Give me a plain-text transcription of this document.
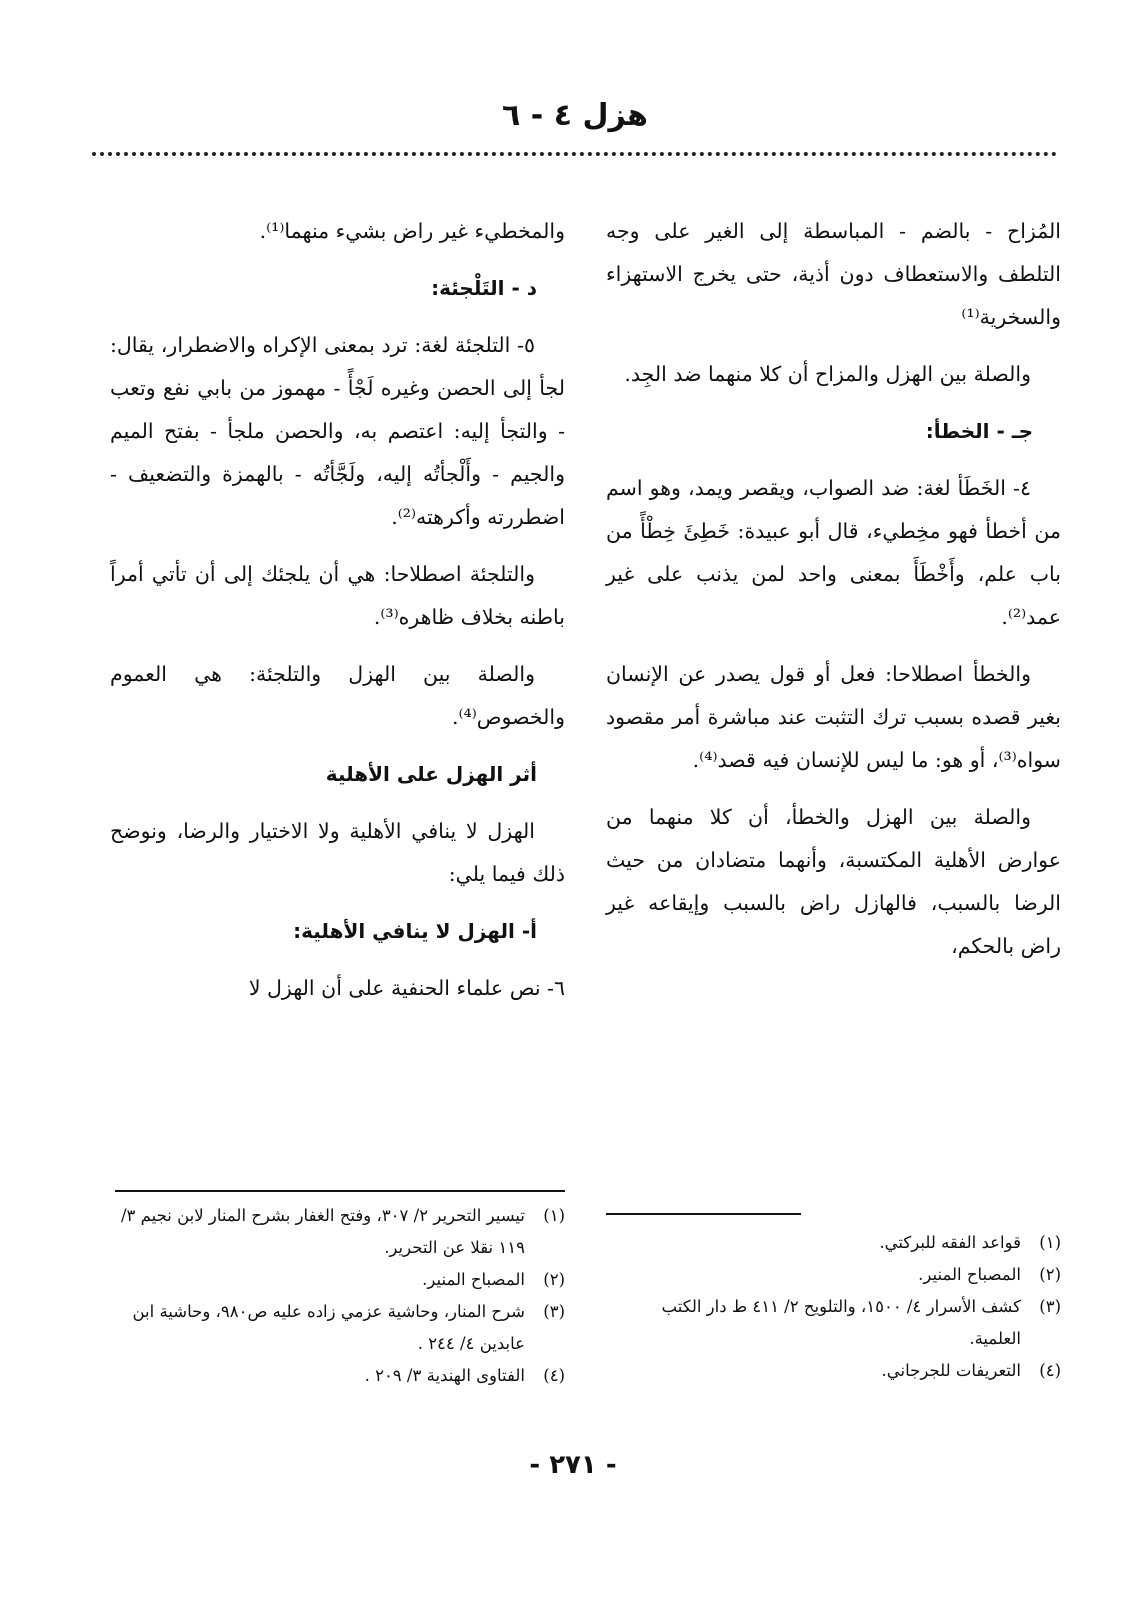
هزل ٤ - ٦

المُزاح - بالضم - المباسطة إلى الغير على وجه التلطف والاستعطاف دون أذية، حتى يخرج الاستهزاء والسخرية⁽¹⁾

والصلة بين الهزل والمزاح أن كلا منهما ضد الجِد.

جـ - الخطأ:

٤- الخَطَأ لغة: ضد الصواب، ويقصر ويمد، وهو اسم من أخطأ فهو مخِطيء، قال أبو عبيدة: خَطِئَ خِطْأً من باب علم، وأَخْطَأَ بمعنى واحد لمن يذنب على غير عمد⁽²⁾.

والخطأ اصطلاحا: فعل أو قول يصدر عن الإنسان بغير قصده بسبب ترك التثبت عند مباشرة أمر مقصود سواه⁽³⁾، أو هو: ما ليس للإنسان فيه قصد⁽⁴⁾.

والصلة بين الهزل والخطأ، أن كلا منهما من عوارض الأهلية المكتسبة، وأنهما متضادان من حيث الرضا بالسبب، فالهازل راض بالسبب وإيقاعه غير راض بالحكم،

والمخطيء غير راض بشيء منهما⁽¹⁾.

د - التَلْجئة:

٥- التلجئة لغة: ترد بمعنى الإكراه والاضطرار، يقال: لجأ إلى الحصن وغيره لَجْأً - مهموز من بابي نفع وتعب - والتجأ إليه: اعتصم به، والحصن ملجأ - بفتح الميم والجيم - وأَلْجأتُه إليه، ولَجَّأتُه - بالهمزة والتضعيف - اضطررته وأكرهته⁽²⁾.

والتلجئة اصطلاحا: هي أن يلجئك إلى أن تأتي أمراً باطنه بخلاف ظاهره⁽³⁾.

والصلة بين الهزل والتلجئة: هي العموم والخصوص⁽⁴⁾.

أثر الهزل على الأهلية

الهزل لا ينافي الأهلية ولا الاختيار والرضا، ونوضح ذلك فيما يلي:

أ- الهزل لا ينافي الأهلية:

٦- نص علماء الحنفية على أن الهزل لا

(١)
تيسير التحرير ٢/ ٣٠٧، وفتح الغفار بشرح المنار لابن نجيم ٣/ ١١٩ نقلا عن التحرير.
(٢)
المصباح المنير.
(٣)
شرح المنار، وحاشية عزمي زاده عليه ص٩٨٠، وحاشية ابن عابدين ٤/ ٢٤٤ .
(٤)
الفتاوى الهندية ٣/ ٢٠٩ .
(١)
قواعد الفقه للبركتي.
(٢)
المصباح المنير.
(٣)
كشف الأسرار ٤/ ١٥٠٠، والتلويح ٢/ ٤١١ ط دار الكتب العلمية.
(٤)
التعريفات للجرجاني.
- ٢٧١ -
